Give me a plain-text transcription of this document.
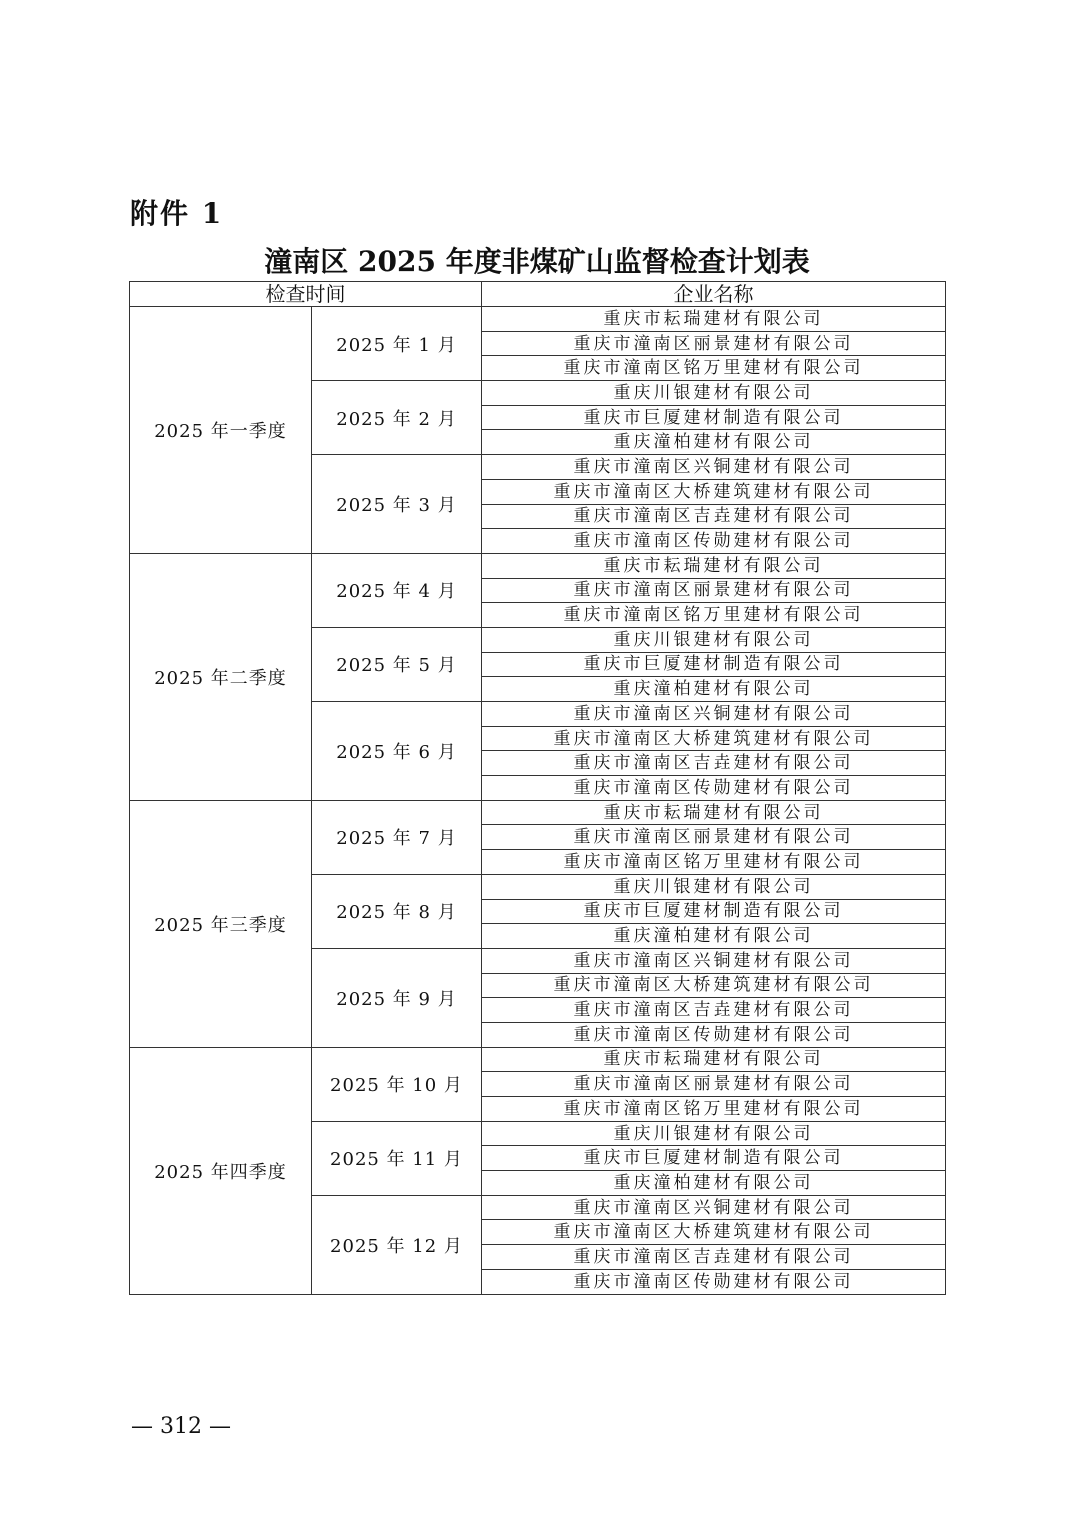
附件 1
潼南区 2025 年度非煤矿山监督检查计划表
检查时间		企业名称
2025 年一季度	2025 年 1 月	重庆市耘瑞建材有限公司
		重庆市潼南区丽景建材有限公司
		重庆市潼南区铭万里建材有限公司
	2025 年 2 月	重庆川银建材有限公司
		重庆市巨厦建材制造有限公司
		重庆潼柏建材有限公司
	2025 年 3 月	重庆市潼南区兴铜建材有限公司
		重庆市潼南区大桥建筑建材有限公司
		重庆市潼南区吉垚建材有限公司
		重庆市潼南区传勋建材有限公司
2025 年二季度	2025 年 4 月	重庆市耘瑞建材有限公司
		重庆市潼南区丽景建材有限公司
		重庆市潼南区铭万里建材有限公司
	2025 年 5 月	重庆川银建材有限公司
		重庆市巨厦建材制造有限公司
		重庆潼柏建材有限公司
	2025 年 6 月	重庆市潼南区兴铜建材有限公司
		重庆市潼南区大桥建筑建材有限公司
		重庆市潼南区吉垚建材有限公司
		重庆市潼南区传勋建材有限公司
2025 年三季度	2025 年 7 月	重庆市耘瑞建材有限公司
		重庆市潼南区丽景建材有限公司
		重庆市潼南区铭万里建材有限公司
	2025 年 8 月	重庆川银建材有限公司
		重庆市巨厦建材制造有限公司
		重庆潼柏建材有限公司
	2025 年 9 月	重庆市潼南区兴铜建材有限公司
		重庆市潼南区大桥建筑建材有限公司
		重庆市潼南区吉垚建材有限公司
		重庆市潼南区传勋建材有限公司
2025 年四季度	2025 年 10 月	重庆市耘瑞建材有限公司
		重庆市潼南区丽景建材有限公司
		重庆市潼南区铭万里建材有限公司
	2025 年 11 月	重庆川银建材有限公司
		重庆市巨厦建材制造有限公司
		重庆潼柏建材有限公司
	2025 年 12 月	重庆市潼南区兴铜建材有限公司
		重庆市潼南区大桥建筑建材有限公司
		重庆市潼南区吉垚建材有限公司
		重庆市潼南区传勋建材有限公司
— 312 —
